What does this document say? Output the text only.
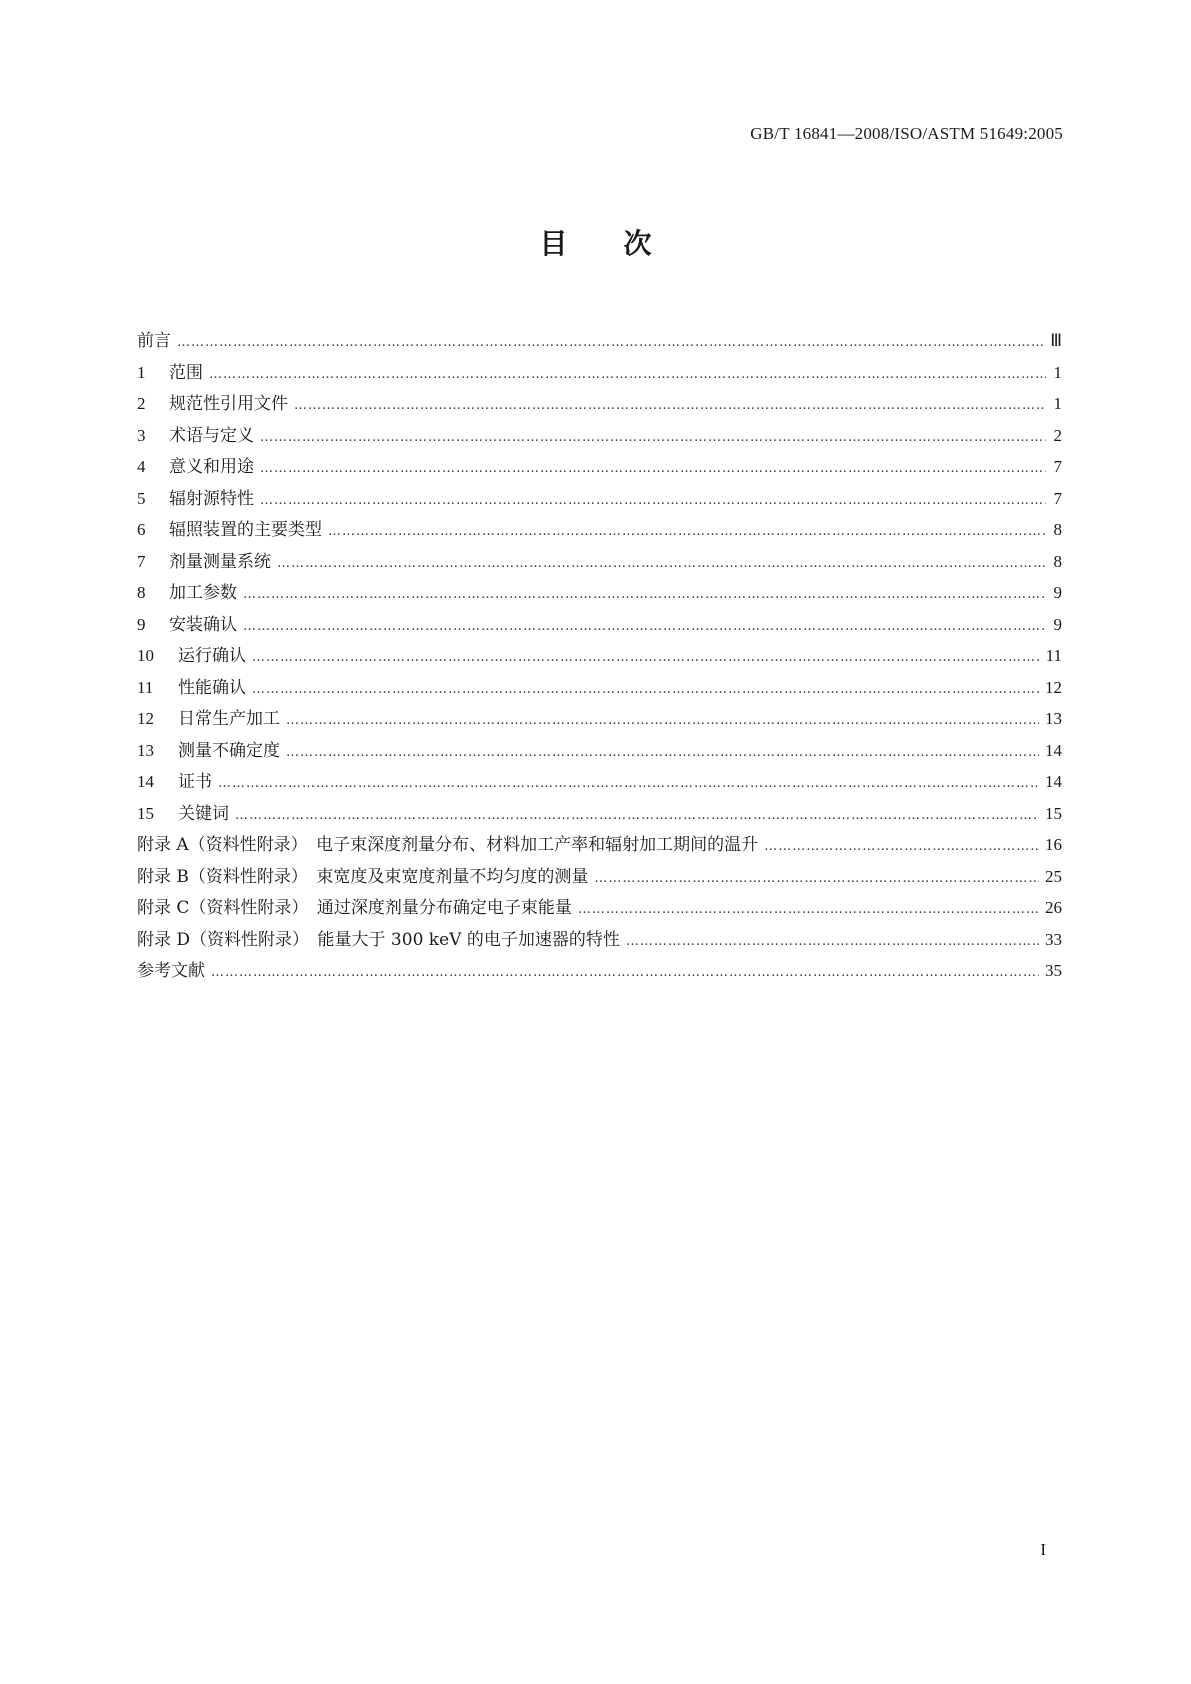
GB/T 16841—2008/ISO/ASTM 51649:2005
目 次
前言 …………………………………………………………………………………………………………………………………………………………………………	Ⅲ
1	范围 …………………………………………………………………………………………………………………………………………………………………………	1
2	规范性引用文件 …………………………………………………………………………………………………………………………………………………………………………	1
3	术语与定义 …………………………………………………………………………………………………………………………………………………………………………	2
4	意义和用途 …………………………………………………………………………………………………………………………………………………………………………	7
5	辐射源特性 …………………………………………………………………………………………………………………………………………………………………………	7
6	辐照装置的主要类型 …………………………………………………………………………………………………………………………………………………………………………	8
7	剂量测量系统 …………………………………………………………………………………………………………………………………………………………………………	8
8	加工参数 …………………………………………………………………………………………………………………………………………………………………………	9
9	安装确认 …………………………………………………………………………………………………………………………………………………………………………	9
10	运行确认 …………………………………………………………………………………………………………………………………………………………………………	11
11	性能确认 …………………………………………………………………………………………………………………………………………………………………………	12
12	日常生产加工 …………………………………………………………………………………………………………………………………………………………………………	13
13	测量不确定度 …………………………………………………………………………………………………………………………………………………………………………	14
14	证书 …………………………………………………………………………………………………………………………………………………………………………	14
15	关键词 …………………………………………………………………………………………………………………………………………………………………………	15
附录 A（资料性附录）　电子束深度剂量分布、材料加工产率和辐射加工期间的温升 …………………………………………………………………………………………………………………………………………………………………………	16
附录 B（资料性附录）　束宽度及束宽度剂量不均匀度的测量 …………………………………………………………………………………………………………………………………………………………………………	25
附录 C（资料性附录）　通过深度剂量分布确定电子束能量 …………………………………………………………………………………………………………………………………………………………………………	26
附录 D（资料性附录）　能量大于 300 keV 的电子加速器的特性 …………………………………………………………………………………………………………………………………………………………………………	33
参考文献 …………………………………………………………………………………………………………………………………………………………………………	35
I
